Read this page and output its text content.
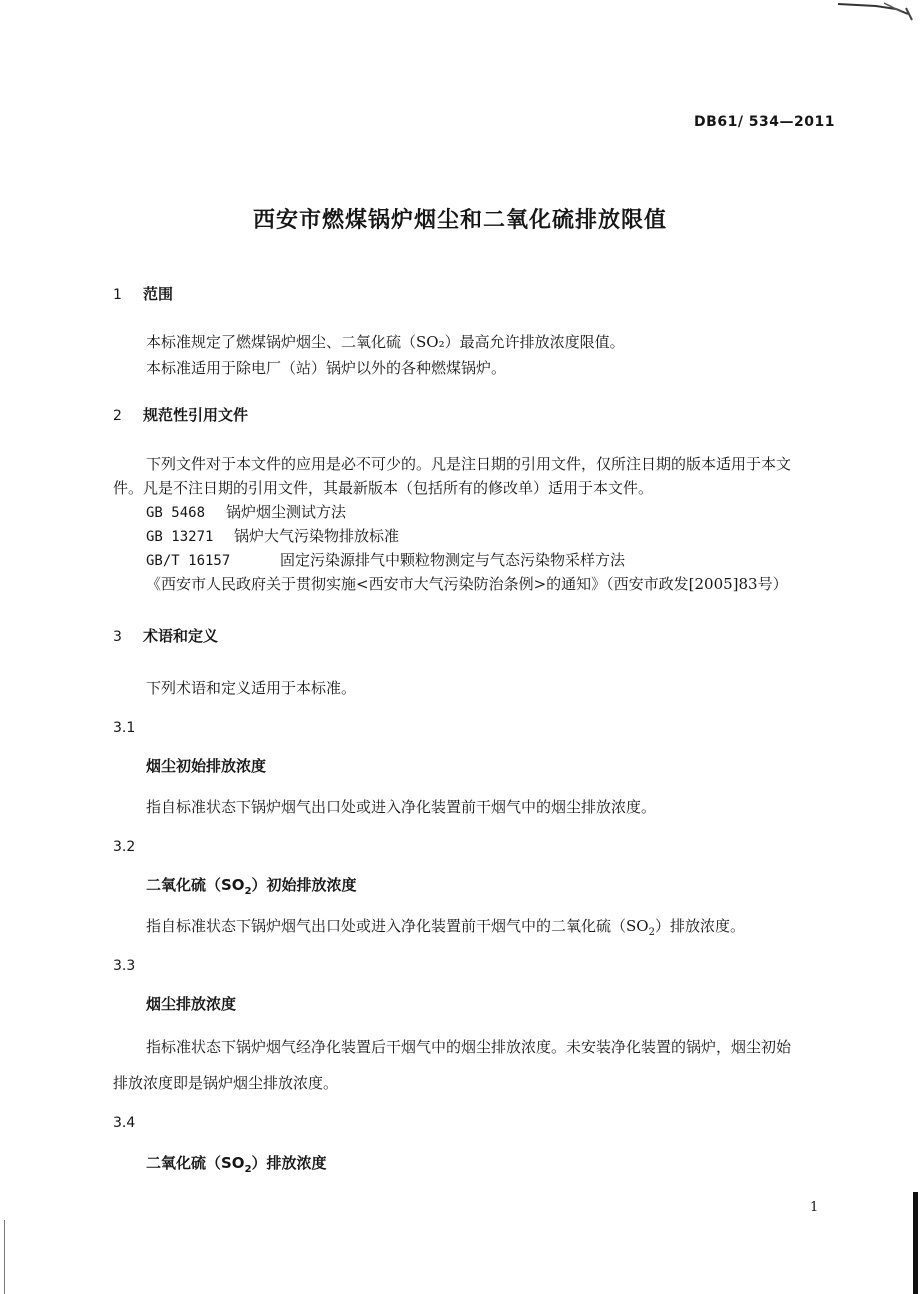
DB61/ 534—2011
西安市燃煤锅炉烟尘和二氧化硫排放限值
1 范围
本标准规定了燃煤锅炉烟尘、二氧化硫（SO₂）最高允许排放浓度限值。
本标准适用于除电厂（站）锅炉以外的各种燃煤锅炉。
2 规范性引用文件
下列文件对于本文件的应用是必不可少的。凡是注日期的引用文件，仅所注日期的版本适用于本文
件。凡是不注日期的引用文件，其最新版本（包括所有的修改单）适用于本文件。
GB 5468 锅炉烟尘测试方法
GB 13271 锅炉大气污染物排放标准
GB/T 16157	固定污染源排气中颗粒物测定与气态污染物采样方法
《西安市人民政府关于贯彻实施<西安市大气污染防治条例>的通知》（西安市政发[2005]83号）
3 术语和定义
下列术语和定义适用于本标准。
3.1
烟尘初始排放浓度
指自标准状态下锅炉烟气出口处或进入净化装置前干烟气中的烟尘排放浓度。
3.2
二氧化硫$(SO_2)$初始排放浓度
指自标准状态下锅炉烟气出口处或进入净化装置前干烟气中的二氧化硫$(SO_2)$排放浓度。
3.3
烟尘排放浓度
指标准状态下锅炉烟气经净化装置后干烟气中的烟尘排放浓度。未安装净化装置的锅炉，烟尘初始
排放浓度即是锅炉烟尘排放浓度。
3.4
二氧化硫$(SO_2)$排放浓度
1
